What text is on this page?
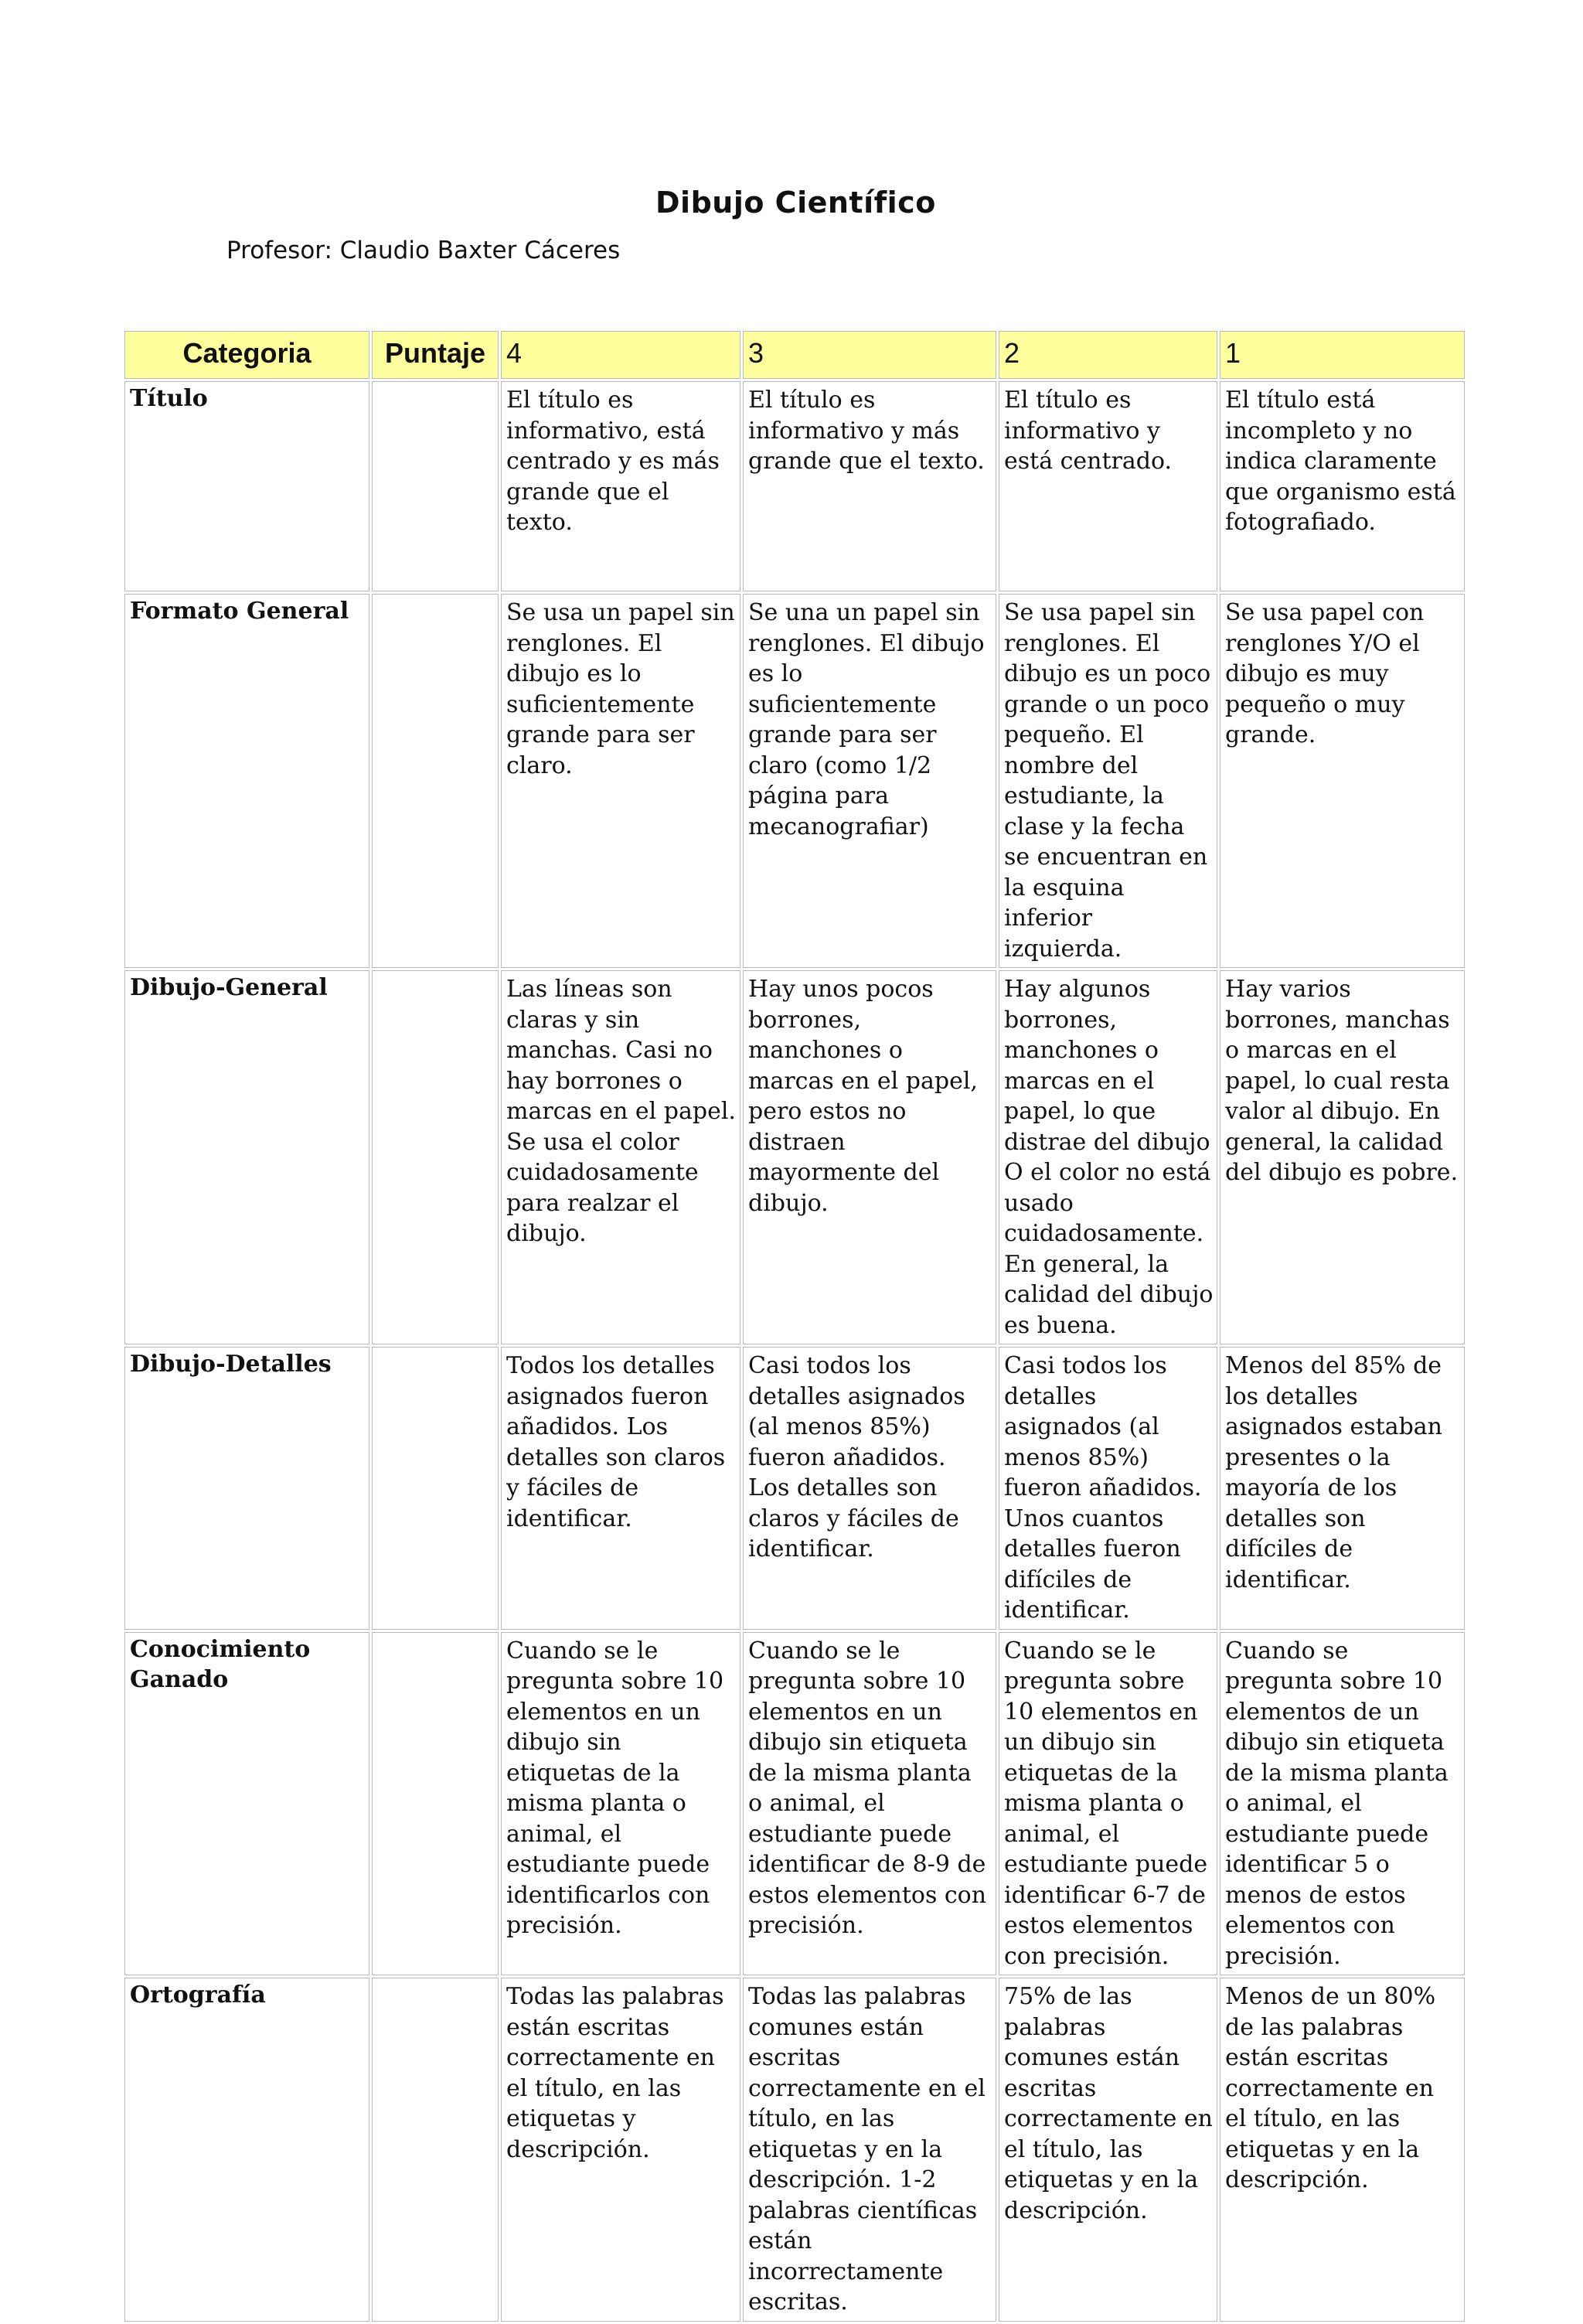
Dibujo Científico
Profesor: Claudio Baxter Cáceres
Categoria	Puntaje	4	3	2	1
Título		El título es informativo, está centrado y es más grande que el texto.	El título es informativo y más grande que el texto.	El título es informativo y está centrado.	El título está incompleto y no indica claramente que organismo está fotografiado.
Formato General		Se usa un papel sin renglones. El dibujo es lo suficientemente grande para ser claro.	Se una un papel sin renglones. El dibujo es lo suficientemente grande para ser claro (como 1/2 página para mecanografiar)	Se usa papel sin renglones. El dibujo es un poco grande o un poco pequeño. El nombre del estudiante, la clase y la fecha se encuentran en la esquina inferior izquierda.	Se usa papel con renglones Y/O el dibujo es muy pequeño o muy grande.
Dibujo-General		Las líneas son claras y sin manchas. Casi no hay borrones o marcas en el papel. Se usa el color cuidadosamente para realzar el dibujo.	Hay unos pocos borrones, manchones o marcas en el papel, pero estos no distraen mayormente del dibujo.	Hay algunos borrones, manchones o marcas en el papel, lo que distrae del dibujo O el color no está usado cuidadosamente. En general, la calidad del dibujo es buena.	Hay varios borrones, manchas o marcas en el papel, lo cual resta valor al dibujo. En general, la calidad del dibujo es pobre.
Dibujo-Detalles		Todos los detalles asignados fueron añadidos. Los detalles son claros y fáciles de identificar.	Casi todos los detalles asignados (al menos 85%) fueron añadidos. Los detalles son claros y fáciles de identificar.	Casi todos los detalles asignados (al menos 85%) fueron añadidos. Unos cuantos detalles fueron difíciles de identificar.	Menos del 85% de los detalles asignados estaban presentes o la mayoría de los detalles son difíciles de identificar.
Conocimiento Ganado		Cuando se le pregunta sobre 10 elementos en un dibujo sin etiquetas de la misma planta o animal, el estudiante puede identificarlos con precisión.	Cuando se le pregunta sobre 10 elementos en un dibujo sin etiqueta de la misma planta o animal, el estudiante puede identificar de 8-9 de estos elementos con precisión.	Cuando se le pregunta sobre 10 elementos en un dibujo sin etiquetas de la misma planta o animal, el estudiante puede identificar 6-7 de estos elementos con precisión.	Cuando se pregunta sobre 10 elementos de un dibujo sin etiqueta de la misma planta o animal, el estudiante puede identificar 5 o menos de estos elementos con precisión.
Ortografía		Todas las palabras están escritas correctamente en el título, en las etiquetas y descripción.	Todas las palabras comunes están escritas correctamente en el título, en las etiquetas y en la descripción. 1-2 palabras científicas están incorrectamente escritas.	75% de las palabras comunes están escritas correctamente en el título, las etiquetas y en la descripción.	Menos de un 80% de las palabras están escritas correctamente en el título, en las etiquetas y en la descripción.
